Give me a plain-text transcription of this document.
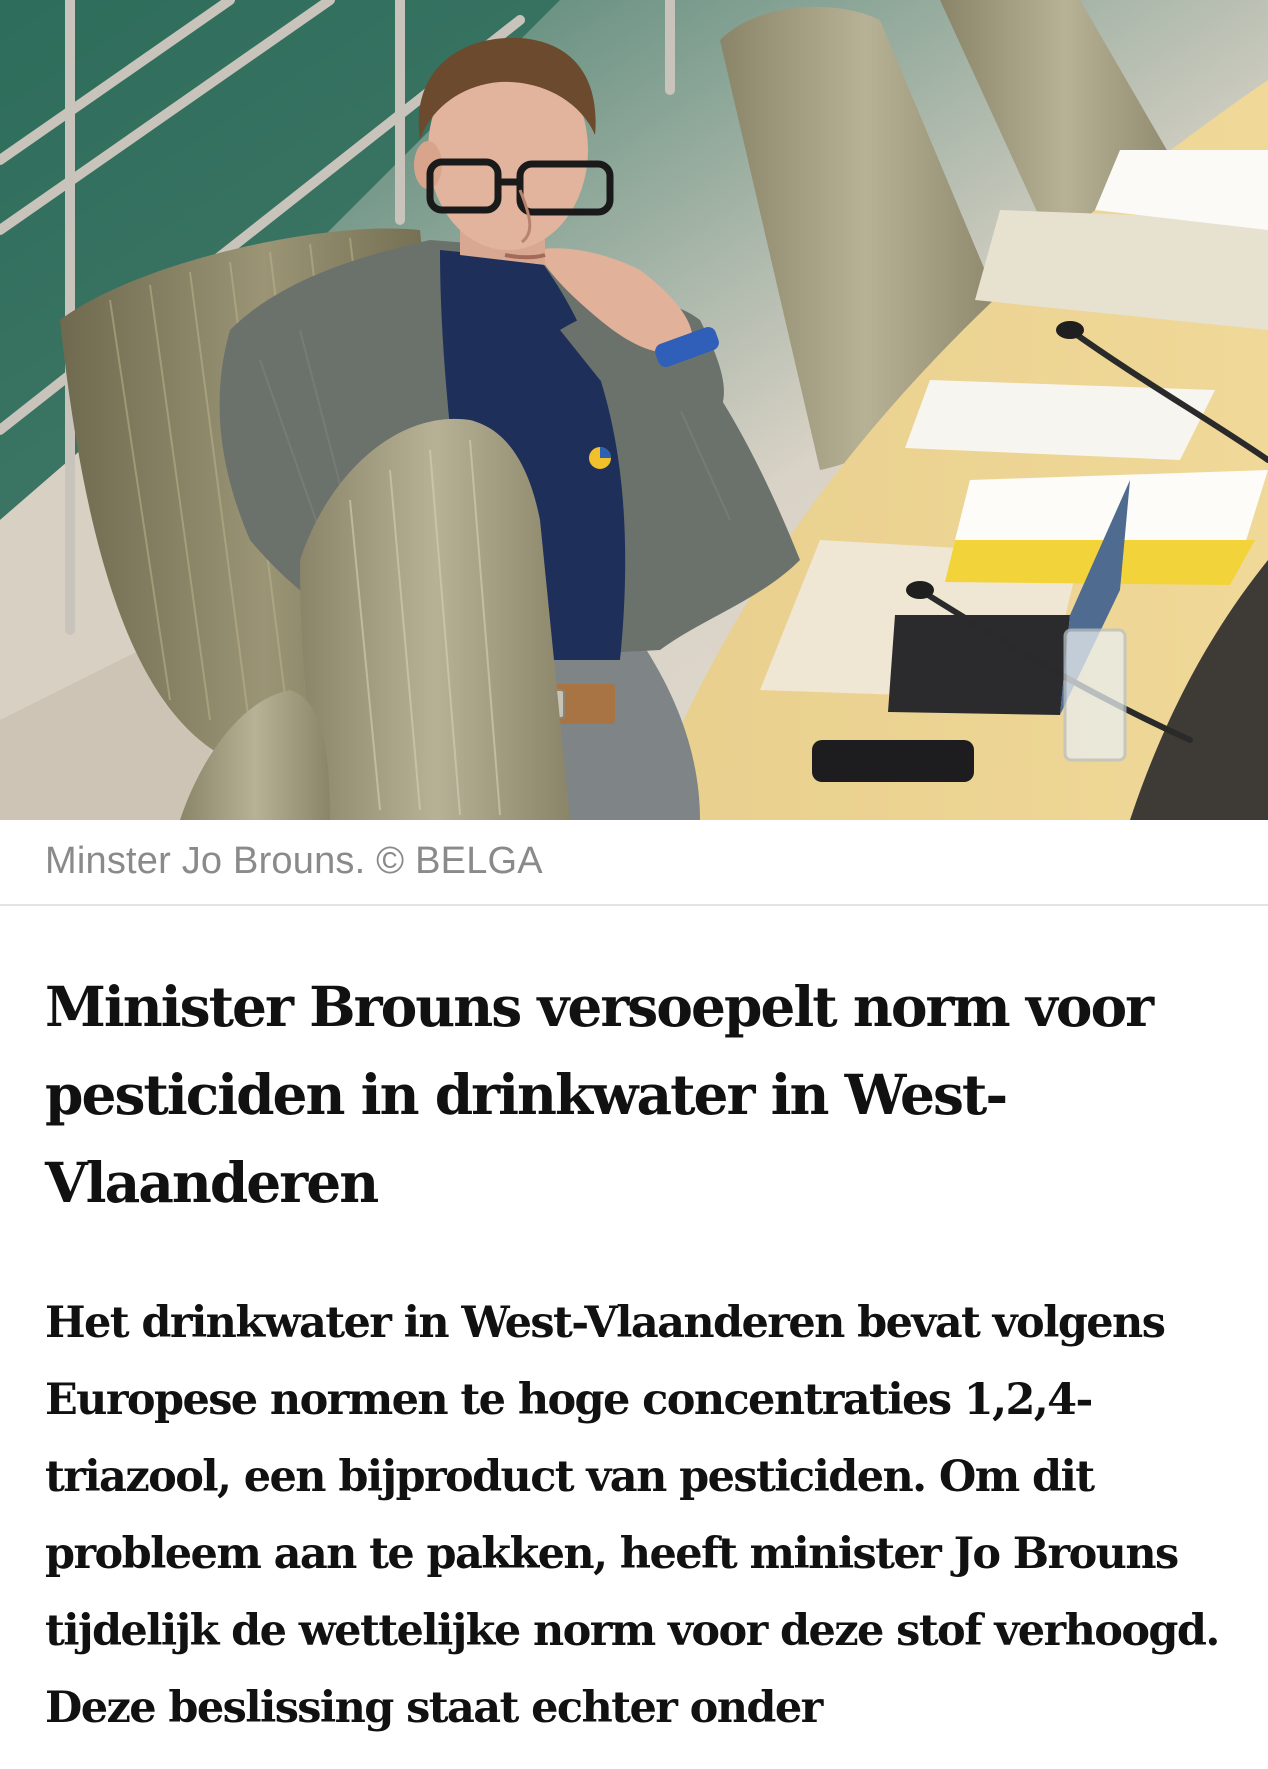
Minster Jo Brouns. © BELGA
Minister Brouns versoepelt norm voor pesticiden in drinkwater in West-Vlaanderen

Het drinkwater in West-Vlaanderen bevat volgens Europese normen te hoge concentraties 1,2,4-triazool, een bijproduct van pesticiden. Om dit probleem aan te pakken, heeft minister Jo Brouns tijdelijk de wettelijke norm voor deze stof verhoogd. Deze beslissing staat echter onder
